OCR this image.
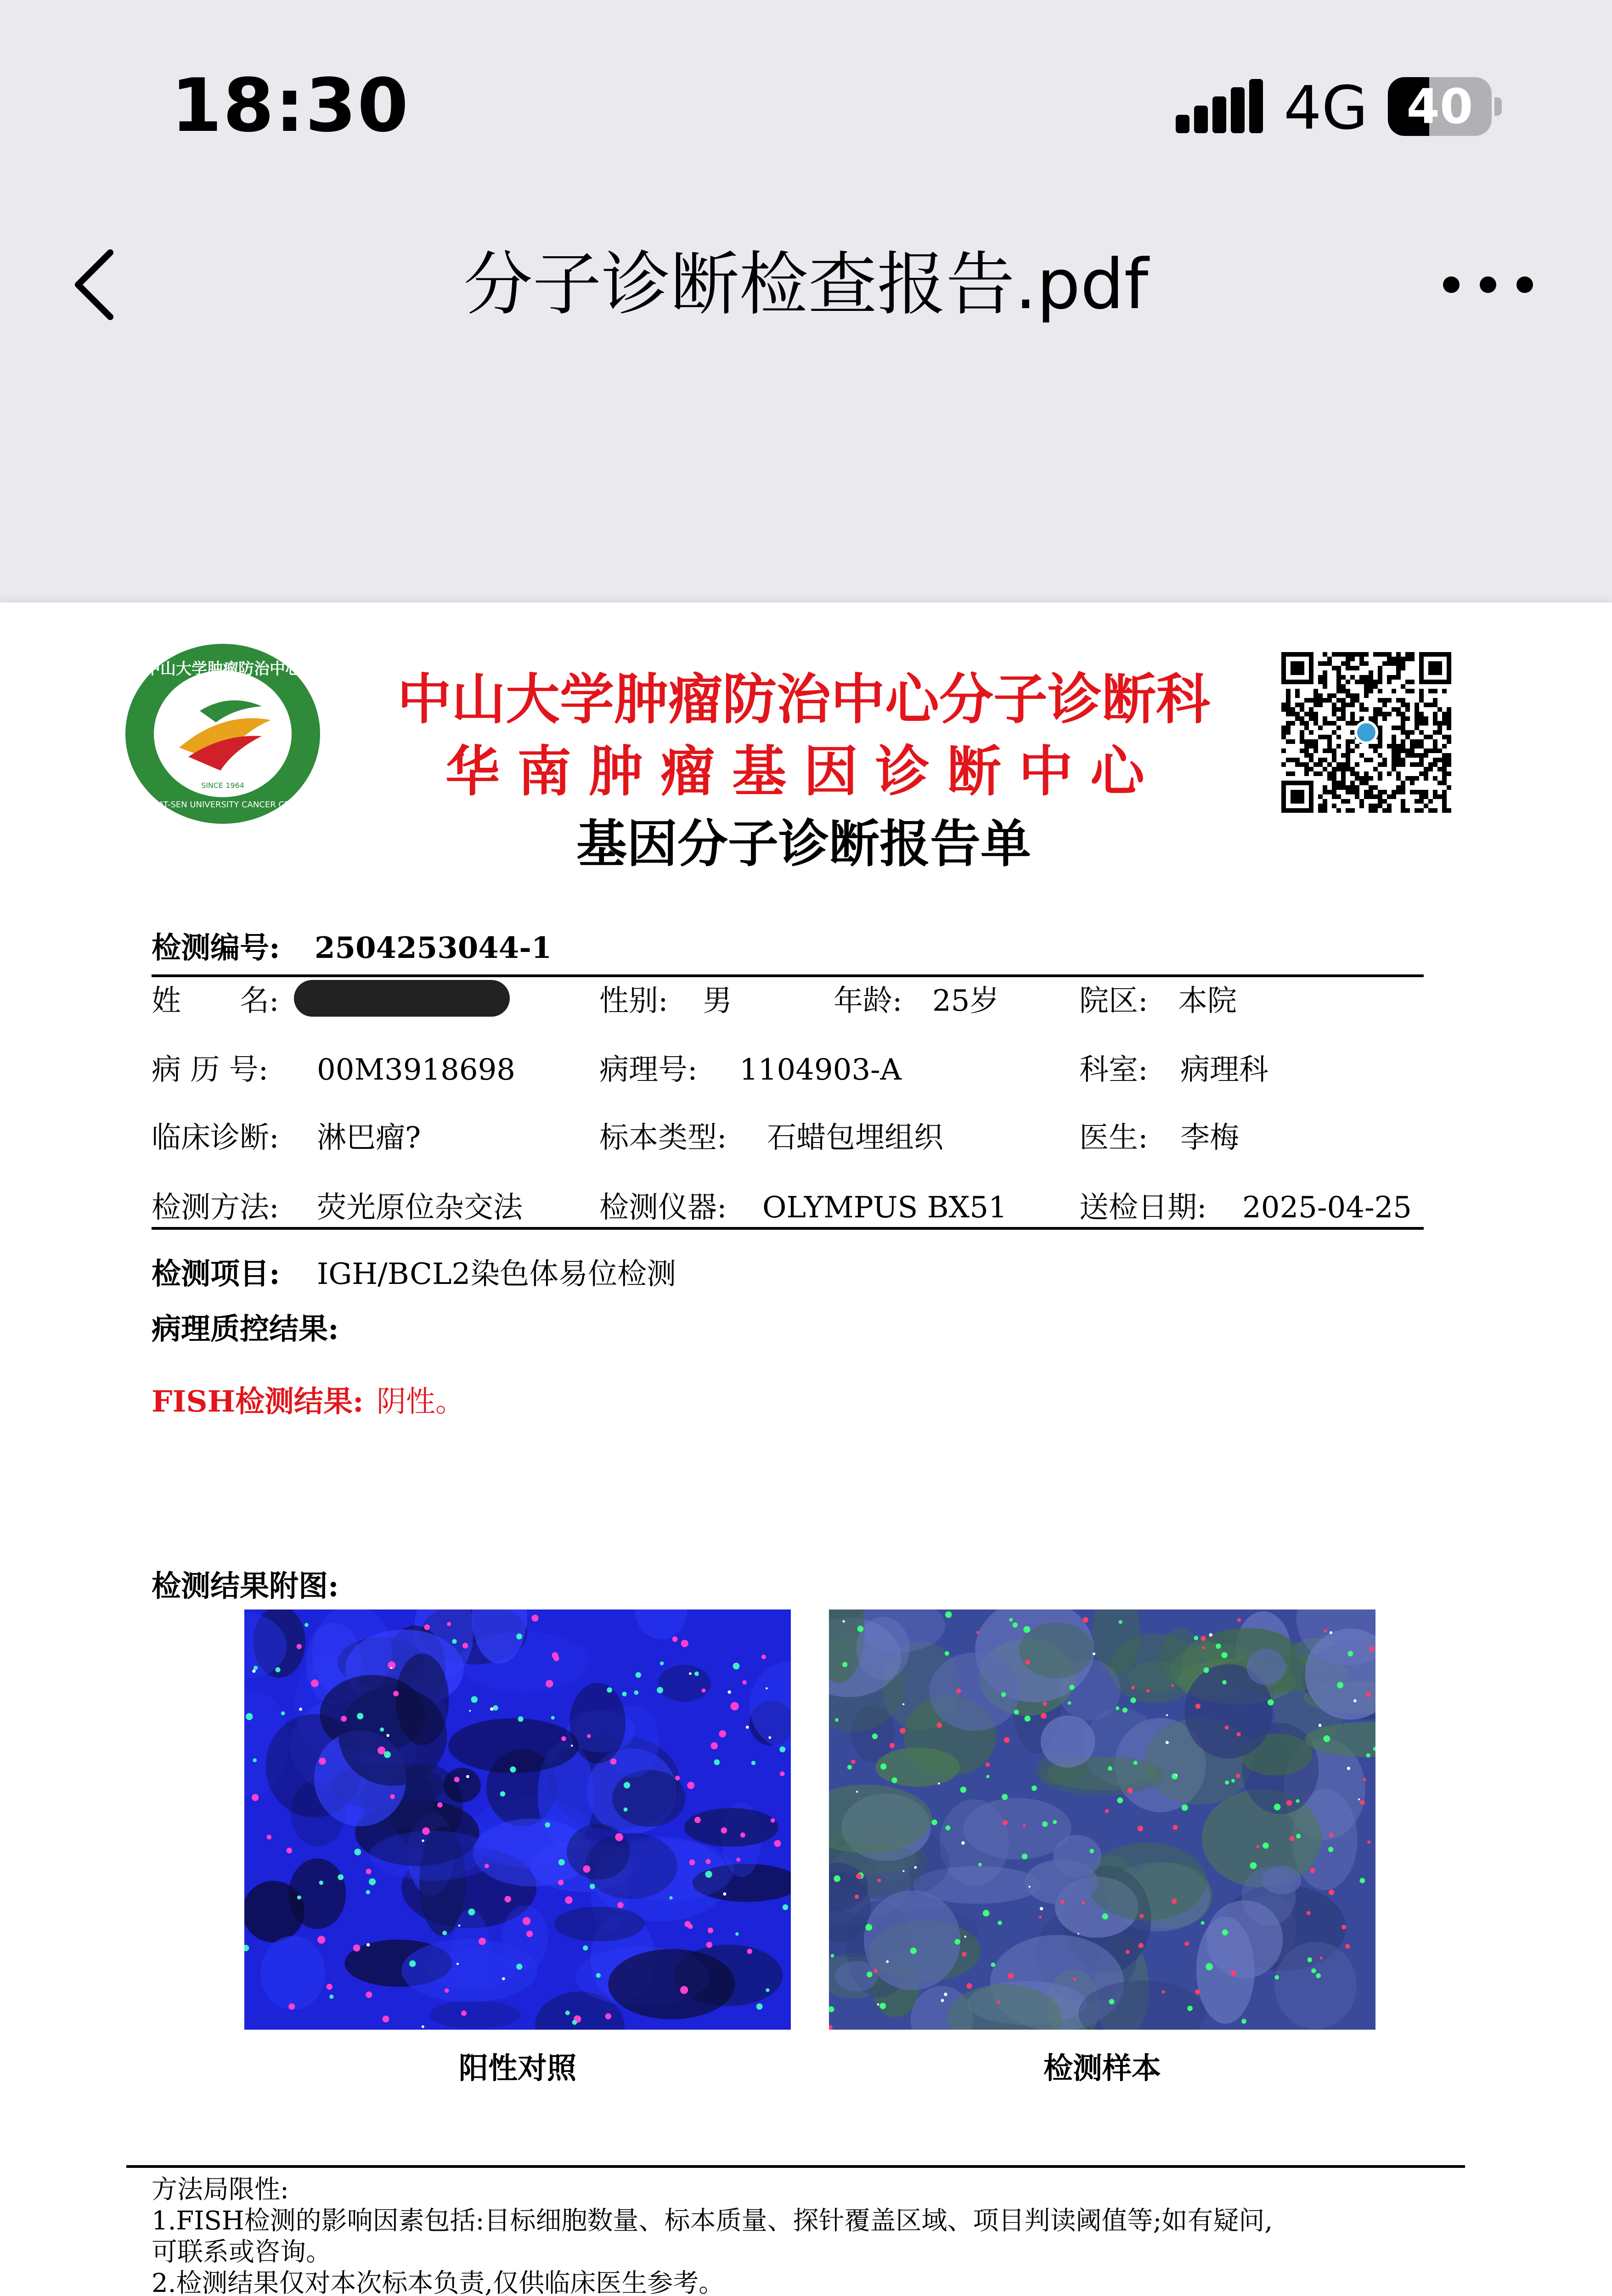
18:30	4G 40
分子诊断检查报告.pdf
中山大学肿瘤防治中心
SUN YAT-SEN UNIVERSITY CANCER CENTER
SINCE 1964
中山大学肿瘤防治中心分子诊断科
华南肿瘤基因诊断中心
基因分子诊断报告单
检测编号: 2504253044-1
姓　　名:	性别: 男	年龄: 25岁	院区: 本院
病 历 号: 00M3918698	病理号: 1104903-A	科室: 病理科
临床诊断: 淋巴瘤?	标本类型: 石蜡包埋组织	医生: 李梅
检测方法: 荧光原位杂交法	检测仪器: OLYMPUS BX51 送检日期: 2025-04-25
检测项目: IGH/BCL2染色体易位检测
病理质控结果:
FISH检测结果: 阴性。
检测结果附图:
阳性对照	检测样本
方法局限性:
1.FISH检测的影响因素包括:目标细胞数量、标本质量、探针覆盖区域、项目判读阈值等;如有疑问,
可联系或咨询。
2.检测结果仅对本次标本负责,仅供临床医生参考。
